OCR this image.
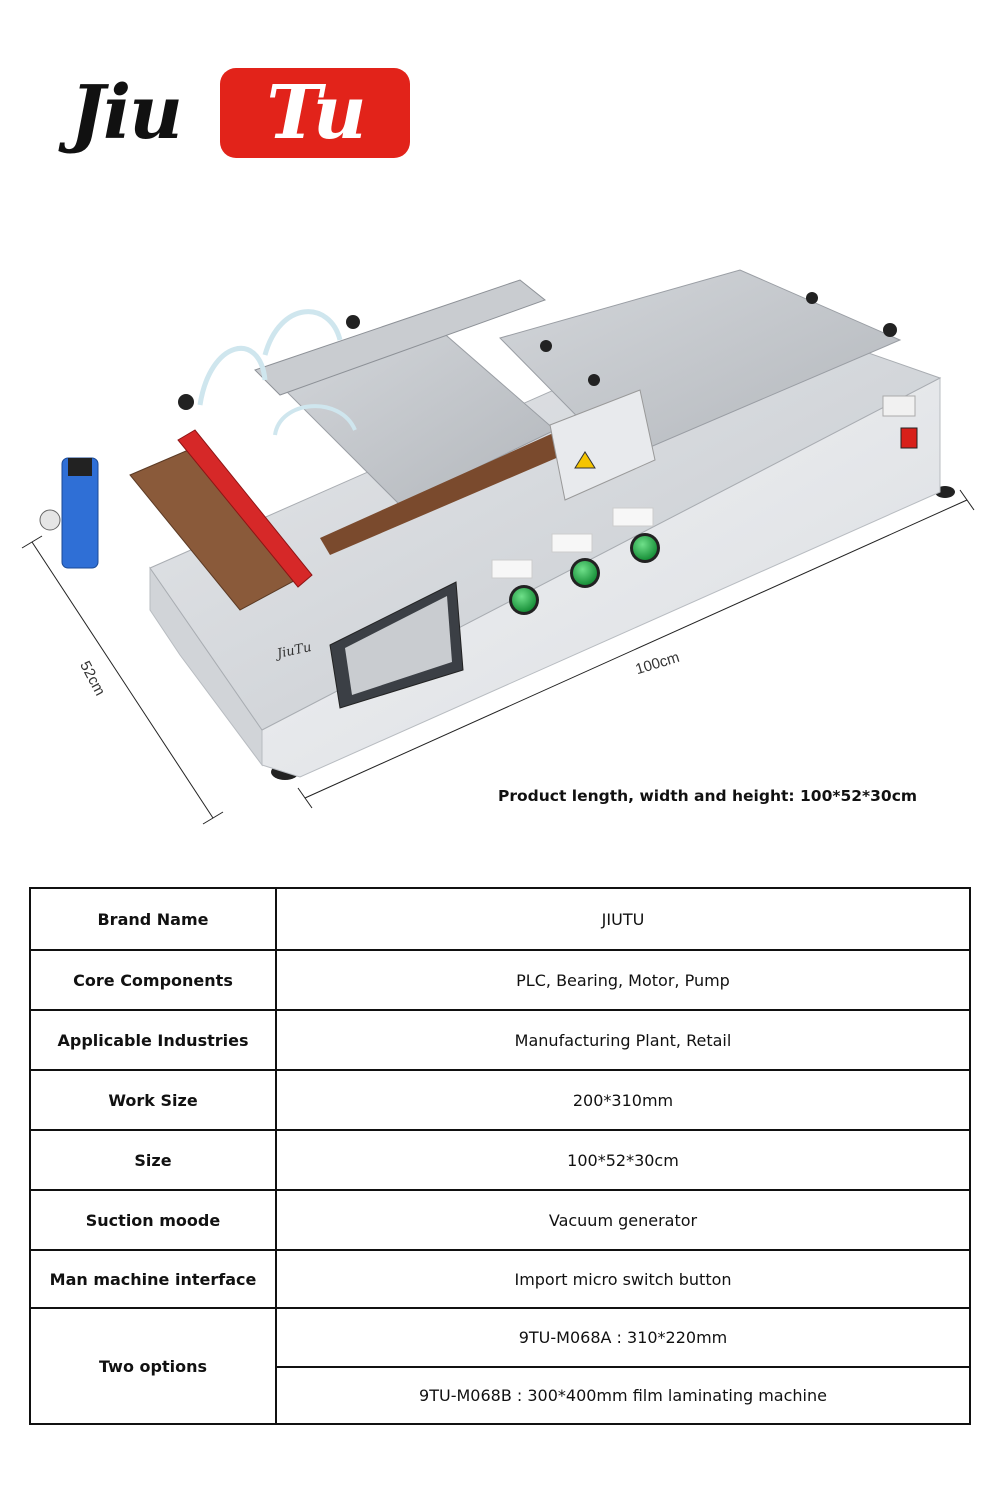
Jiu	Tu
JiuTu	100cm
52cm
Product length, width and height: 100*52*30cm
Brand Name	JIUTU
Core Components	PLC, Bearing, Motor, Pump
Applicable Industries	Manufacturing Plant, Retail
Work Size	200*310mm
Size	100*52*30cm
Suction moode	Vacuum generator
Man machine interface	Import micro switch button
Two options	9TU-M068A : 310*220mm
	9TU-M068B : 300*400mm film laminating machine
